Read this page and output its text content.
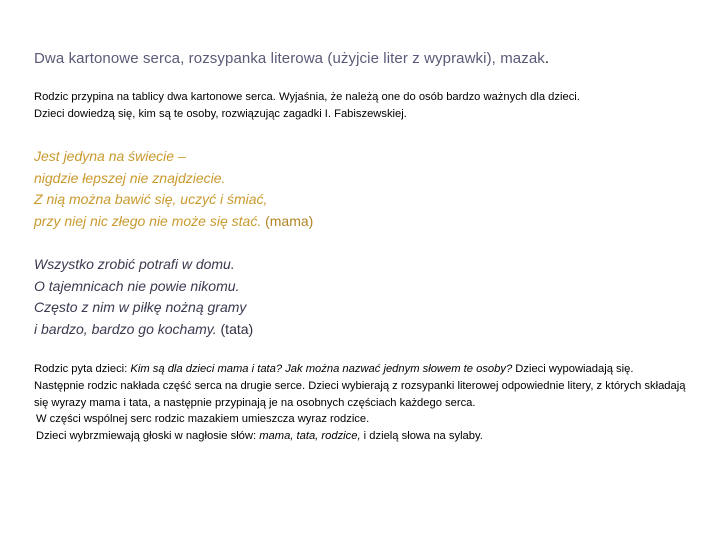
Dwa kartonowe serca, rozsypanka literowa (użyjcie liter z wyprawki), mazak.
Rodzic przypina na tablicy dwa kartonowe serca. Wyjaśnia, że należą one do osób bardzo ważnych dla dzieci.
Dzieci dowiedzą się, kim są te osoby, rozwiązując zagadki I. Fabiszewskiej.
Jest jedyna na świecie –
nigdzie łepszej nie znajdziecie.
Z nią można bawić się, uczyć i śmiać,
przy niej nic złego nie może się stać. (mama)
Wszystko zrobić potrafi w domu.
O tajemnicach nie powie nikomu.
Często z nim w piłkę nożną gramy
i bardzo, bardzo go kochamy. (tata)

Rodzic pyta dzieci: Kim są dla dzieci mama i tata? Jak można nazwać jednym słowem te osoby? Dzieci wypowiadają się.

Następnie rodzic nakłada część serca na drugie serce. Dzieci wybierają z rozsypanki literowej odpowiednie litery, z których składają się wyrazy mama i tata, a następnie przypinają je na osobnych częściach każdego serca.

W części wspólnej serc rodzic mazakiem umieszcza wyraz rodzice.

Dzieci wybrzmiewają głoski w nagłosie słów: mama, tata, rodzice, i dzielą słowa na sylaby.
